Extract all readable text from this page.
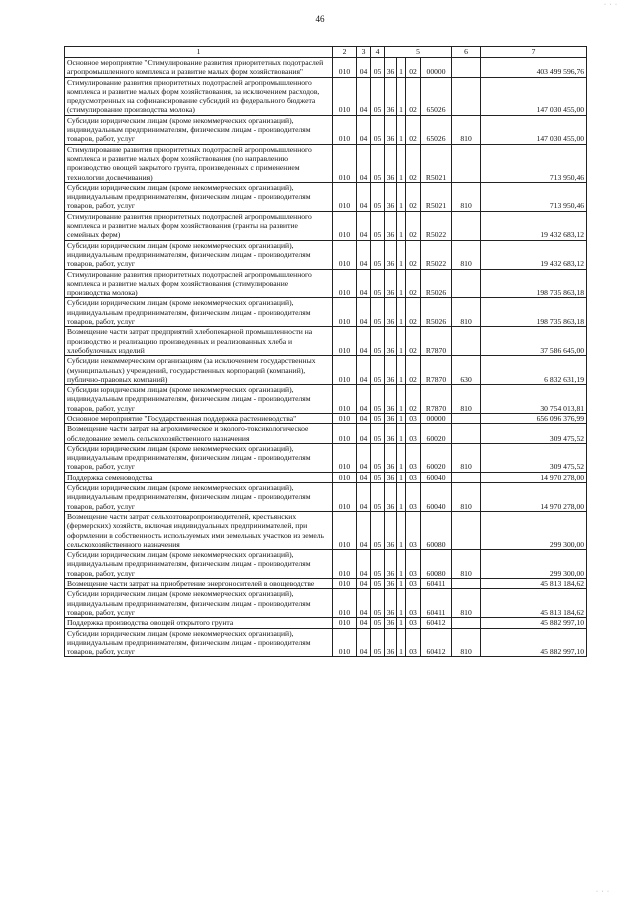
· · ·
46
1	2	3	4	5				6	7
Основное мероприятие "Стимулирование развития приоритетных подотраслей агропромышленного комплекса и развитие малых форм хозяйствования"	010	04	05	36	1	02	00000		403 499 596,76
Стимулирование развития приоритетных подотраслей агропромышленного комплекса и развитие малых форм хозяйствования, за исключением расходов, предусмотренных на софинансирование субсидий из федерального бюджета (стимулирование производства молока)	010	04	05	36	1	02	65026		147 030 455,00
Субсидии юридическим лицам (кроме некоммерческих организаций), индивидуальным предпринимателям, физическим лицам - производителям товаров, работ, услуг	010	04	05	36	1	02	65026	810	147 030 455,00
Стимулирование развития приоритетных подотраслей агропромышленного комплекса и развитие малых форм хозяйствования (по направлению производство овощей закрытого грунта, произведенных с применением технологии досвечивания)	010	04	05	36	1	02	R5021		713 950,46
Субсидии юридическим лицам (кроме некоммерческих организаций), индивидуальным предпринимателям, физическим лицам - производителям товаров, работ, услуг	010	04	05	36	1	02	R5021	810	713 950,46
Стимулирование развития приоритетных подотраслей агропромышленного комплекса и развитие малых форм хозяйствования (гранты на развитие семейных ферм)	010	04	05	36	1	02	R5022		19 432 683,12
Субсидии юридическим лицам (кроме некоммерческих организаций), индивидуальным предпринимателям, физическим лицам - производителям товаров, работ, услуг	010	04	05	36	1	02	R5022	810	19 432 683,12
Стимулирование развития приоритетных подотраслей агропромышленного комплекса и развитие малых форм хозяйствования (стимулирование производства молока)	010	04	05	36	1	02	R5026		198 735 863,18
Субсидии юридическим лицам (кроме некоммерческих организаций), индивидуальным предпринимателям, физическим лицам - производителям товаров, работ, услуг	010	04	05	36	1	02	R5026	810	198 735 863,18
Возмещение части затрат предприятий хлебопекарной промышленности на производство и реализацию произведенных и реализованных хлеба и хлебобулочных изделий	010	04	05	36	1	02	R7870		37 586 645,00
Субсидии некоммерческим организациям (за исключением государственных (муниципальных) учреждений, государственных корпораций (компаний), публично-правовых компаний)	010	04	05	36	1	02	R7870	630	6 832 631,19
Субсидии юридическим лицам (кроме некоммерческих организаций), индивидуальным предпринимателям, физическим лицам - производителям товаров, работ, услуг	010	04	05	36	1	02	R7870	810	30 754 013,81
Основное мероприятие "Государственная поддержка растениеводства"	010	04	05	36	1	03	00000		656 096 376,99
Возмещение части затрат на агрохимическое и эколого-токсикологическое обследование земель сельскохозяйственного назначения	010	04	05	36	1	03	60020		309 475,52
Субсидии юридическим лицам (кроме некоммерческих организаций), индивидуальным предпринимателям, физическим лицам - производителям товаров, работ, услуг	010	04	05	36	1	03	60020	810	309 475,52
Поддержка семеноводства	010	04	05	36	1	03	60040		14 970 278,00
Субсидии юридическим лицам (кроме некоммерческих организаций), индивидуальным предпринимателям, физическим лицам - производителям товаров, работ, услуг	010	04	05	36	1	03	60040	810	14 970 278,00
Возмещение части затрат сельхозтоваропроизводителей, крестьянских (фермерских) хозяйств, включая индивидуальных предпринимателей, при оформлении в собственность используемых ими земельных участков из земель сельскохозяйственного назначения	010	04	05	36	1	03	60080		299 300,00
Субсидии юридическим лицам (кроме некоммерческих организаций), индивидуальным предпринимателям, физическим лицам - производителям товаров, работ, услуг	010	04	05	36	1	03	60080	810	299 300,00
Возмещение части затрат на приобретение энергоносителей в овощеводстве	010	04	05	36	1	03	60411		45 813 184,62
Субсидии юридическим лицам (кроме некоммерческих организаций), индивидуальным предпринимателям, физическим лицам - производителям товаров, работ, услуг	010	04	05	36	1	03	60411	810	45 813 184,62
Поддержка производства овощей открытого грунта	010	04	05	36	1	03	60412		45 882 997,10
Субсидии юридическим лицам (кроме некоммерческих организаций), индивидуальным предпринимателям, физическим лицам - производителям товаров, работ, услуг	010	04	05	36	1	03	60412	810	45 882 997,10
· · ·
